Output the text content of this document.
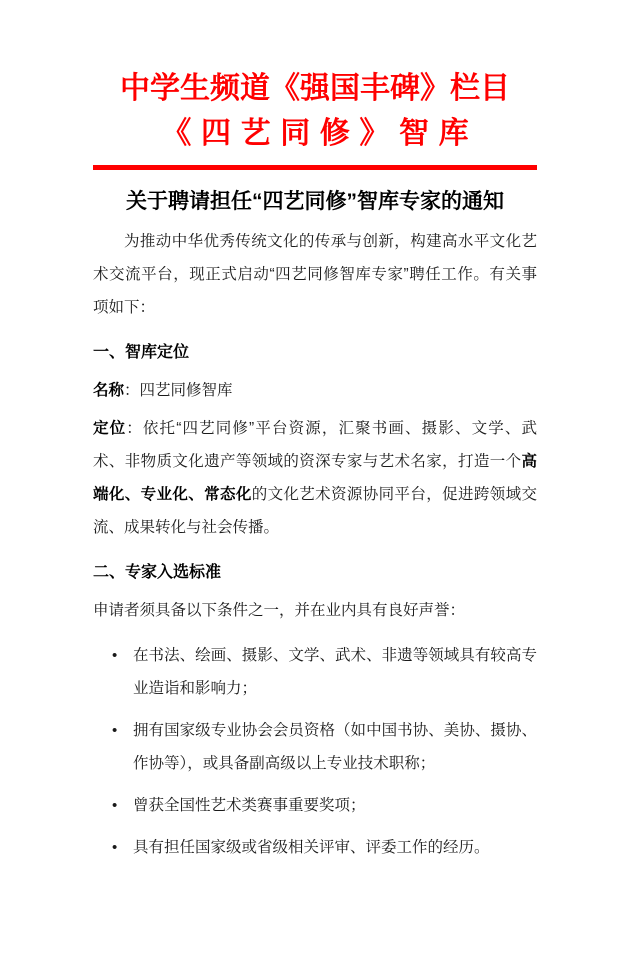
中学生频道《强国丰碑》栏目
《四艺同修》智库
关于聘请担任“四艺同修”智库专家的通知

为推动中华优秀传统文化的传承与创新，构建高水平文化艺术交流平台，现正式启动“四艺同修智库专家”聘任工作。有关事项如下：

一、智库定位

名称：四艺同修智库

定位：依托“四艺同修”平台资源，汇聚书画、摄影、文学、武术、非物质文化遗产等领域的资深专家与艺术名家，打造一个高端化、专业化、常态化的文化艺术资源协同平台，促进跨领域交流、成果转化与社会传播。

二、专家入选标准

申请者须具备以下条件之一，并在业内具有良好声誉：

• 在书法、绘画、摄影、文学、武术、非遗等领域具有较高专业造诣和影响力；
• 拥有国家级专业协会会员资格（如中国书协、美协、摄协、作协等），或具备副高级以上专业技术职称；
• 曾获全国性艺术类赛事重要奖项；
• 具有担任国家级或省级相关评审、评委工作的经历。
